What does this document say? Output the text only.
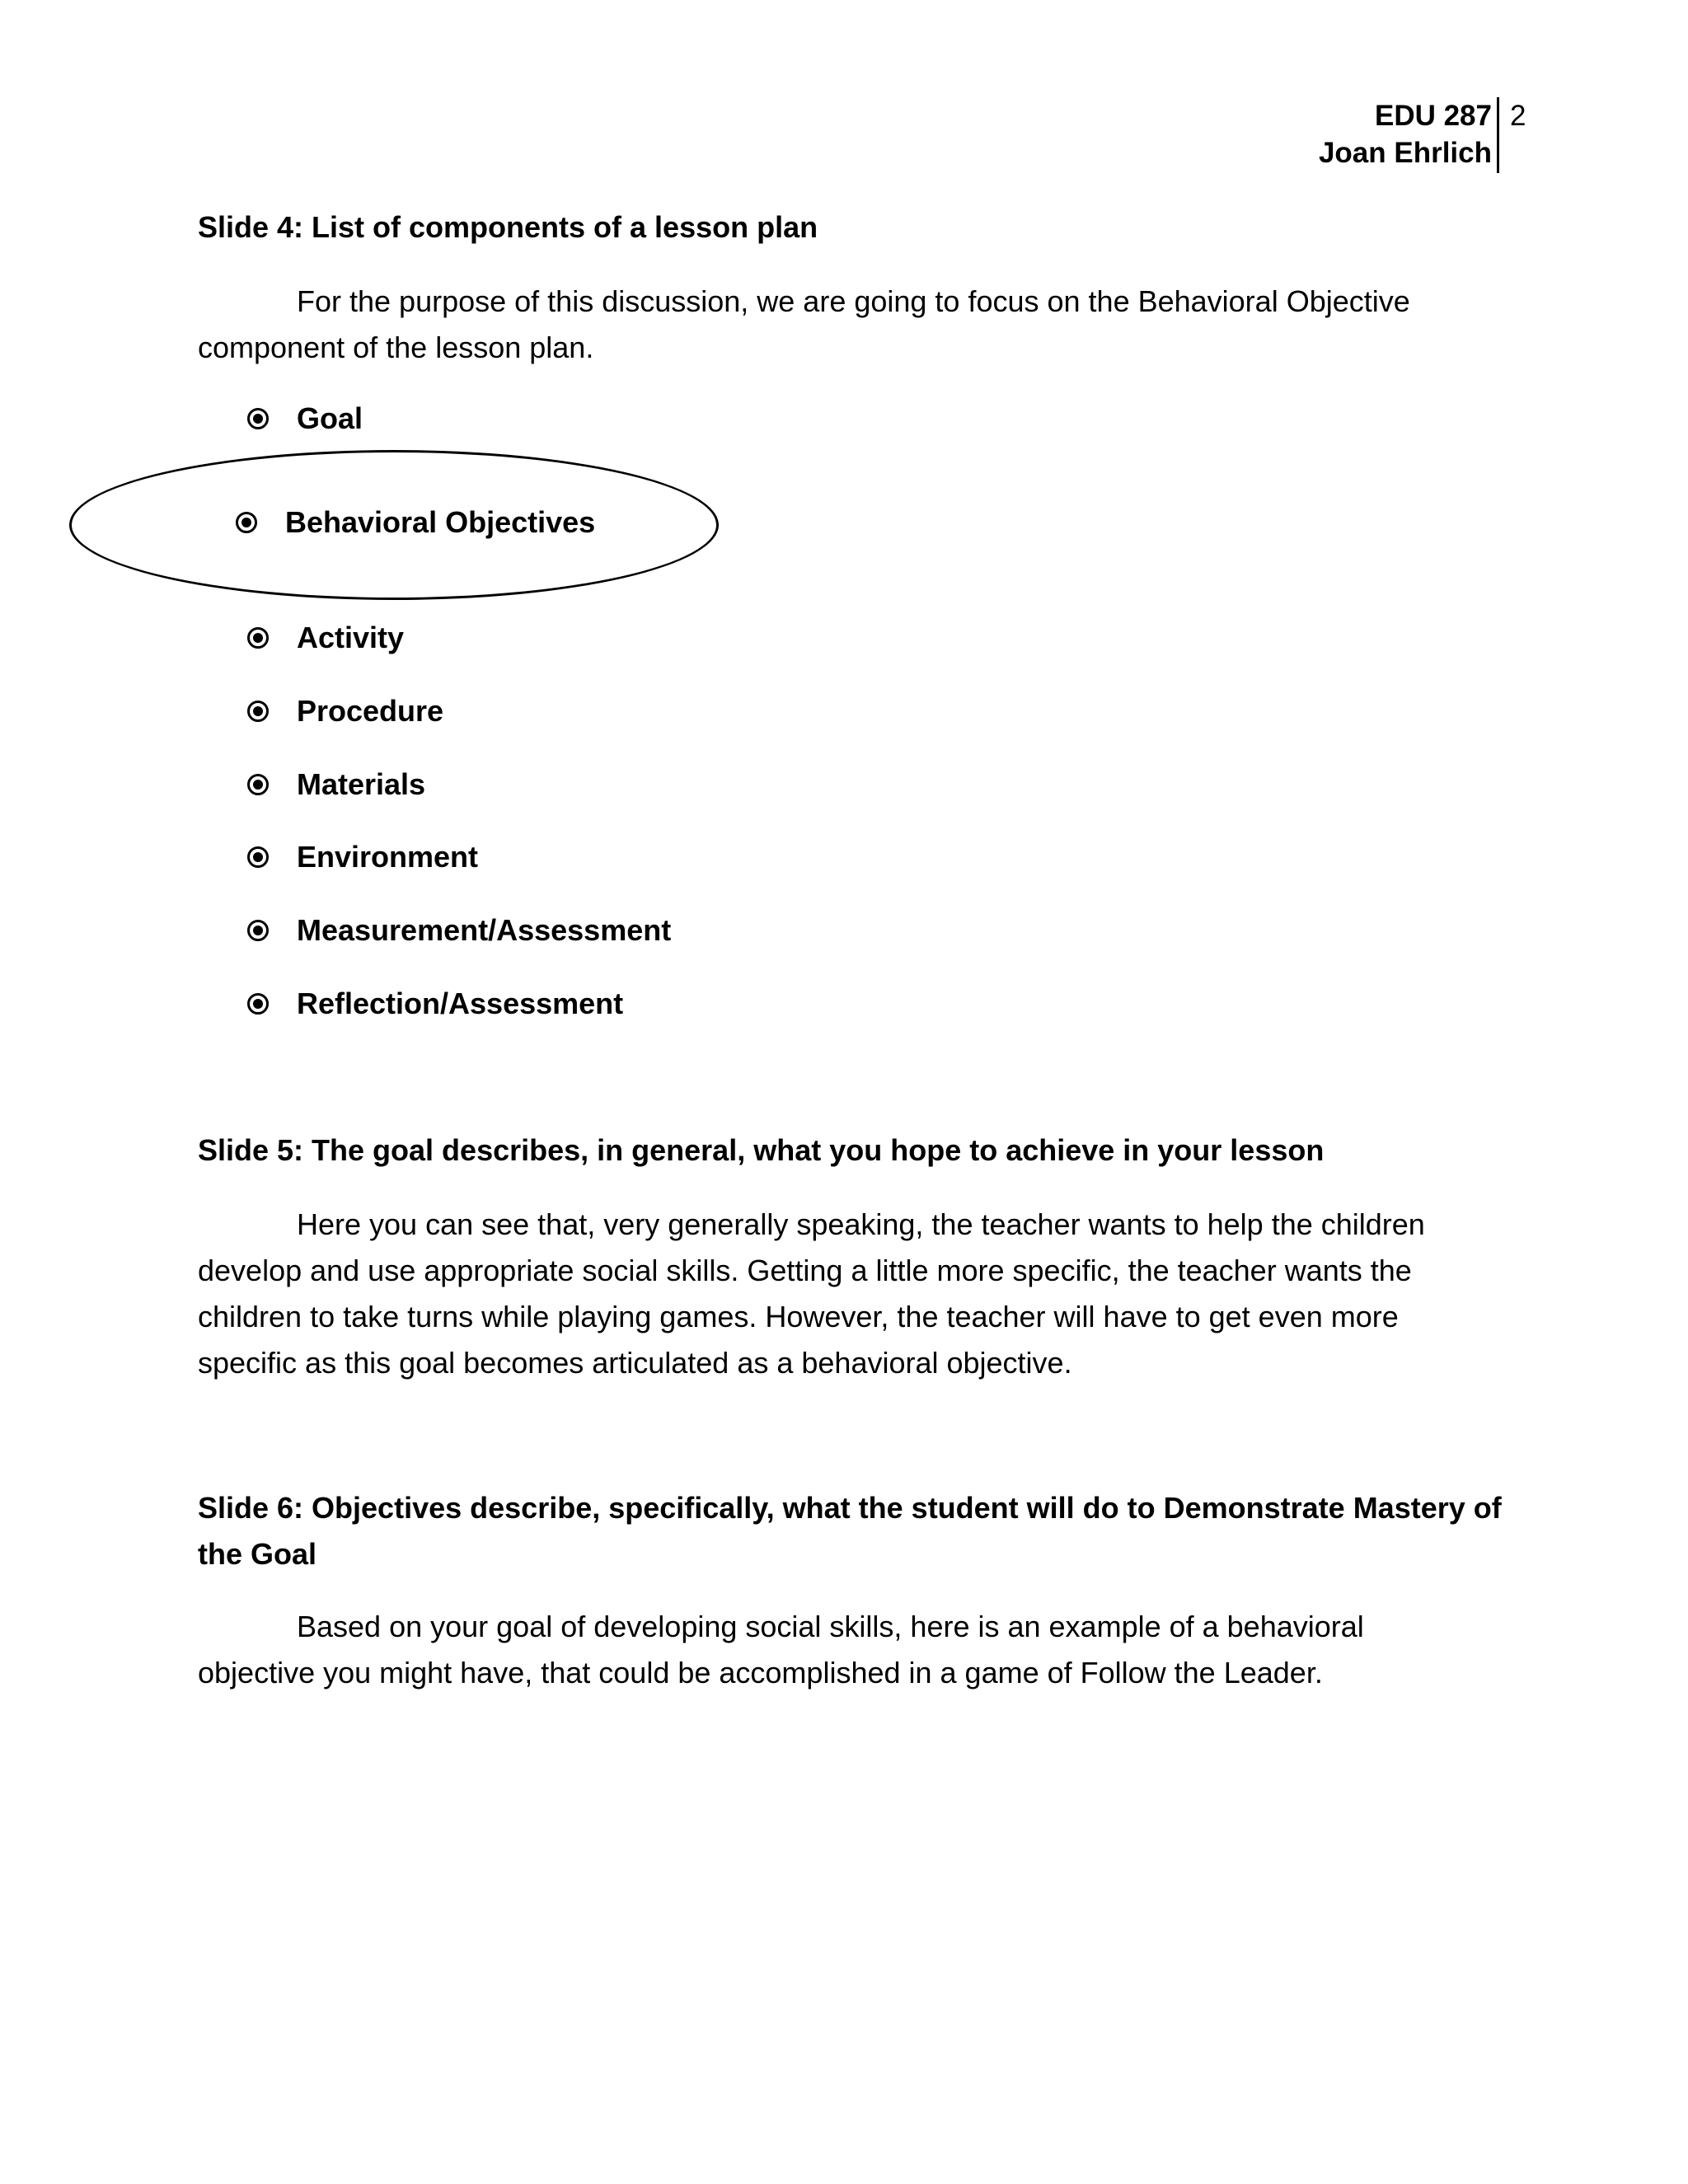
EDU 287
Joan Ehrlich
2
Slide 4: List of components of a lesson plan
For the purpose of this discussion, we are going to focus on the Behavioral Objective component of the lesson plan.
Goal
Behavioral Objectives
Activity
Procedure
Materials
Environment
Measurement/Assessment
Reflection/Assessment
Slide 5: The goal describes, in general, what you hope to achieve in your lesson
Here you can see that, very generally speaking, the teacher wants to help the children develop and use appropriate social skills. Getting a little more specific, the teacher wants the children to take turns while playing games. However, the teacher will have to get even more specific as this goal becomes articulated as a behavioral objective.
Slide 6: Objectives describe, specifically, what the student will do to Demonstrate Mastery of the Goal
Based on your goal of developing social skills, here is an example of a behavioral objective you might have, that could be accomplished in a game of Follow the Leader.
